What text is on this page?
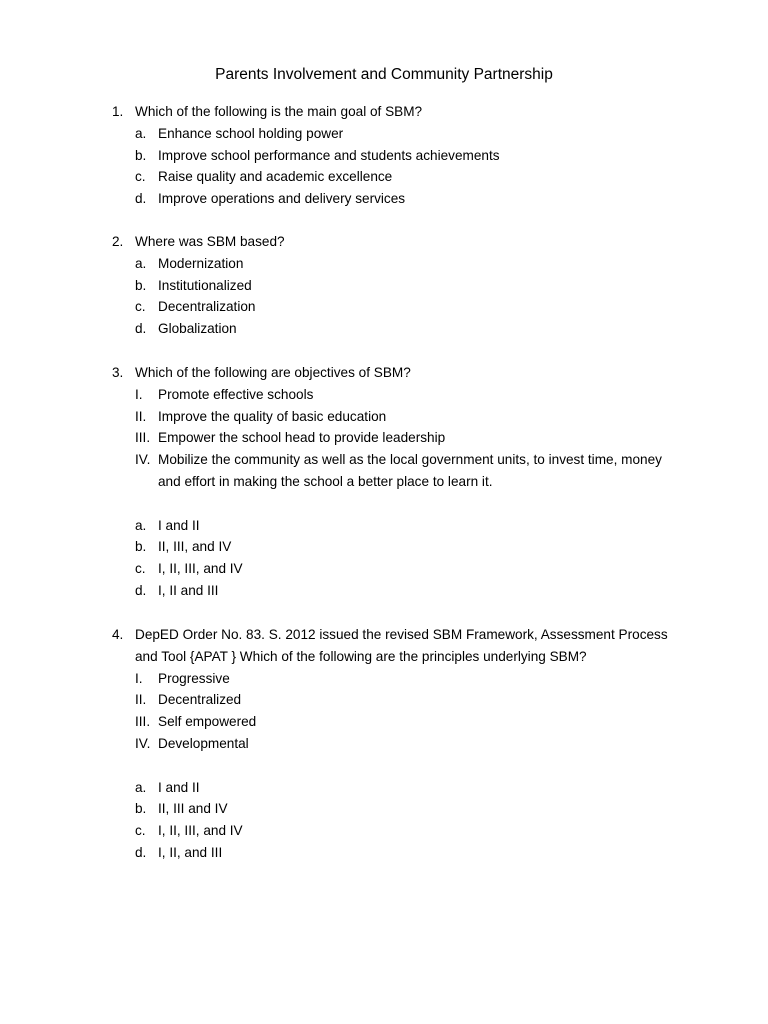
Parents Involvement and Community Partnership
1. Which of the following is the main goal of SBM?
a. Enhance school holding power
b. Improve school performance and students achievements
c. Raise quality and academic excellence
d. Improve operations and delivery services
2. Where was SBM based?
a. Modernization
b. Institutionalized
c. Decentralization
d. Globalization
3. Which of the following are objectives of SBM?
I.	Promote effective schools
II. Improve the quality of basic education
III. Empower the school head to provide leadership
IV. Mobilize the community as well as the local government units, to invest time, money
and effort in making the school a better place to learn it.
a. I and II
b. II, III, and IV
c. I, II, III, and IV
d. I, II and III
4. DepED Order No. 83. S. 2012 issued the revised SBM Framework, Assessment Process
and Tool {APAT } Which of the following are the principles underlying SBM?
I.	Progressive
II. Decentralized
III. Self empowered
IV. Developmental
a. I and II
b. II, III and IV
c. I, II, III, and IV
d. I, II, and III
